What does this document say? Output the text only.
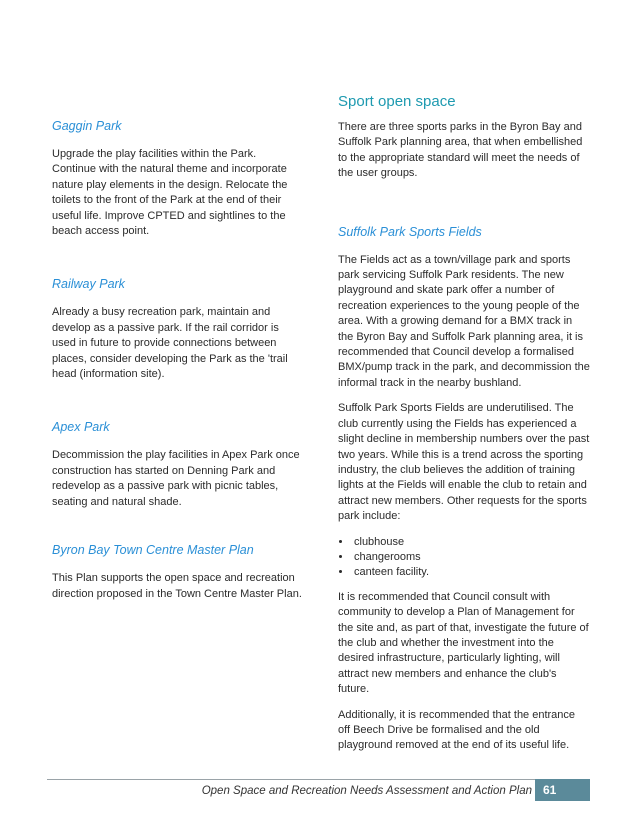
Gaggin Park

Upgrade the play facilities within the Park. Continue with the natural theme and incorporate nature play elements in the design. Relocate the toilets to the front of the Park at the end of their useful life. Improve CPTED and sightlines to the beach access point.

Railway Park

Already a busy recreation park, maintain and develop as a passive park. If the rail corridor is used in future to provide connections between places, consider developing the Park as the 'trail head (information site).

Apex Park

Decommission the play facilities in Apex Park once construction has started on Denning Park and redevelop as a passive park with picnic tables, seating and natural shade.

Byron Bay Town Centre Master Plan

This Plan supports the open space and recreation direction proposed in the Town Centre Master Plan.

Sport open space

There are three sports parks in the Byron Bay and Suffolk Park planning area, that when embellished to the appropriate standard will meet the needs of the user groups.

Suffolk Park Sports Fields

The Fields act as a town/village park and sports park servicing Suffolk Park residents. The new playground and skate park offer a number of recreation experiences to the young people of the area. With a growing demand for a BMX track in the Byron Bay and Suffolk Park planning area, it is recommended that Council develop a formalised BMX/pump track in the park, and decommission the informal track in the nearby bushland.

Suffolk Park Sports Fields are underutilised. The club currently using the Fields has experienced a slight decline in membership numbers over the past two years. While this is a trend across the sporting industry, the club believes the addition of training lights at the Fields will enable the club to retain and attract new members. Other requests for the sports park include:

• clubhouse
• changerooms
• canteen facility.

It is recommended that Council consult with community to develop a Plan of Management for the site and, as part of that, investigate the future of the club and whether the investment into the desired infrastructure, particularly lighting, will attract new members and enhance the club's future.

Additionally, it is recommended that the entrance off Beech Drive be formalised and the old playground removed at the end of its useful life.

Open Space and Recreation Needs Assessment and Action Plan 61
